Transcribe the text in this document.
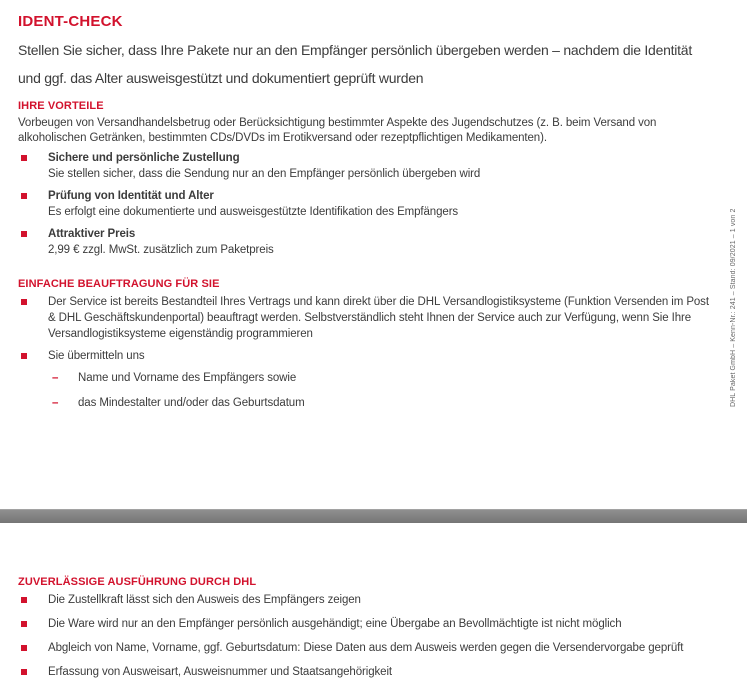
IDENT-CHECK
Stellen Sie sicher, dass Ihre Pakete nur an den Empfänger persönlich übergeben werden – nachdem die Identität
und ggf. das Alter ausweisgestützt und dokumentiert geprüft wurden
IHRE VORTEILE

Vorbeugen von Versandhandelsbetrug oder Berücksichtigung bestimmter Aspekte des Jugendschutzes (z. B. beim Versand von alkoholischen Getränken, bestimmten CDs/DVDs im Erotikversand oder rezeptpflichtigen Medikamenten).

Sichere und persönliche Zustellung
Sie stellen sicher, dass die Sendung nur an den Empfänger persönlich übergeben wird
Prüfung von Identität und Alter
Es erfolgt eine dokumentierte und ausweisgestützte Identifikation des Empfängers
Attraktiver Preis
2,99 € zzgl. MwSt. zusätzlich zum Paketpreis
EINFACHE BEAUFTRAGUNG FÜR SIE
Der Service ist bereits Bestandteil Ihres Vertrags und kann direkt über die DHL Versandlogistiksysteme (Funktion Versenden im Post & DHL Geschäftskundenportal) beauftragt werden. Selbstverständlich steht Ihnen der Service auch zur Verfügung, wenn Sie Ihre Versandlogistiksysteme eigenständig programmieren
Sie übermitteln uns
– Name und Vorname des Empfängers sowie
– das Mindestalter und/oder das Geburtsdatum
ZUVERLÄSSIGE AUSFÜHRUNG DURCH DHL
Die Zustellkraft lässt sich den Ausweis des Empfängers zeigen
Die Ware wird nur an den Empfänger persönlich ausgehändigt; eine Übergabe an Bevollmächtigte ist nicht möglich
Abgleich von Name, Vorname, ggf. Geburtsdatum: Diese Daten aus dem Ausweis werden gegen die Versendervorgabe geprüft
Erfassung von Ausweisart, Ausweisnummer und Staatsangehörigkeit
DHL Paket GmbH – Kenn-Nr.: 241 – Stand: 09/2021 – 1 von 2
